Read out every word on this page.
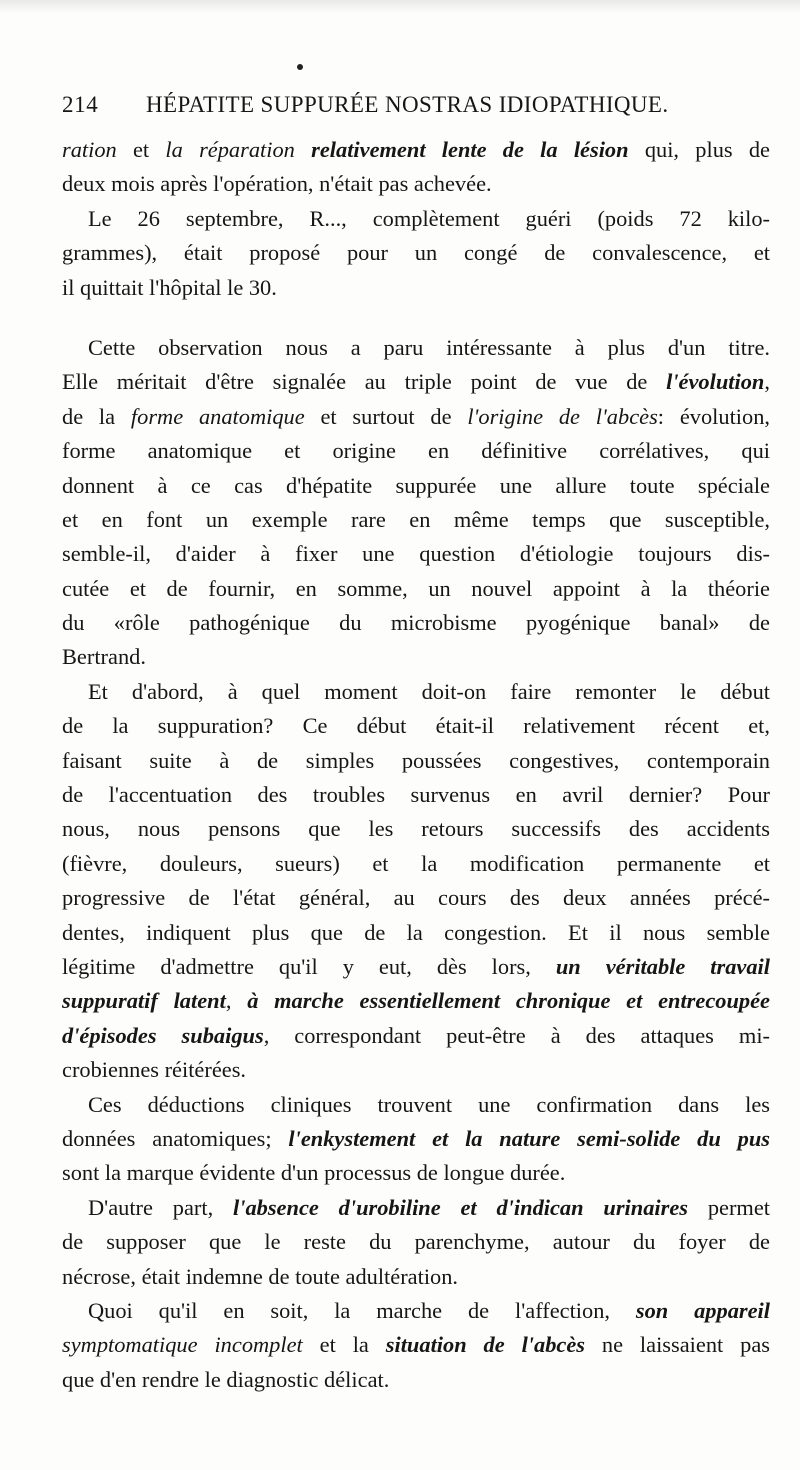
214 HÉPATITE SUPPURÉE NOSTRAS IDIOPATHIQUE.
ration et la réparation relativement lente de la lésion qui, plus de
deux mois après l'opération, n'était pas achevée.
Le 26 septembre, R..., complètement guéri (poids 72 kilo-
grammes), était proposé pour un congé de convalescence, et
il quittait l'hôpital le 30.
Cette observation nous a paru intéressante à plus d'un titre.
Elle méritait d'être signalée au triple point de vue de l'évolution,
de la forme anatomique et surtout de l'origine de l'abcès: évolution,
forme anatomique et origine en définitive corrélatives, qui
donnent à ce cas d'hépatite suppurée une allure toute spéciale
et en font un exemple rare en même temps que susceptible,
semble-il, d'aider à fixer une question d'étiologie toujours dis-
cutée et de fournir, en somme, un nouvel appoint à la théorie
du «rôle pathogénique du microbisme pyogénique banal» de
Bertrand.
Et d'abord, à quel moment doit-on faire remonter le début
de la suppuration? Ce début était-il relativement récent et,
faisant suite à de simples poussées congestives, contemporain
de l'accentuation des troubles survenus en avril dernier? Pour
nous, nous pensons que les retours successifs des accidents
(fièvre, douleurs, sueurs) et la modification permanente et
progressive de l'état général, au cours des deux années précé-
dentes, indiquent plus que de la congestion. Et il nous semble
légitime d'admettre qu'il y eut, dès lors, un véritable travail
suppuratif latent, à marche essentiellement chronique et entrecoupée
d'épisodes subaigus, correspondant peut-être à des attaques mi-
crobiennes réitérées.
Ces déductions cliniques trouvent une confirmation dans les
données anatomiques; l'enkystement et la nature semi-solide du pus
sont la marque évidente d'un processus de longue durée.
D'autre part, l'absence d'urobiline et d'indican urinaires permet
de supposer que le reste du parenchyme, autour du foyer de
nécrose, était indemne de toute adultération.
Quoi qu'il en soit, la marche de l'affection, son appareil
symptomatique incomplet et la situation de l'abcès ne laissaient pas
que d'en rendre le diagnostic délicat.
